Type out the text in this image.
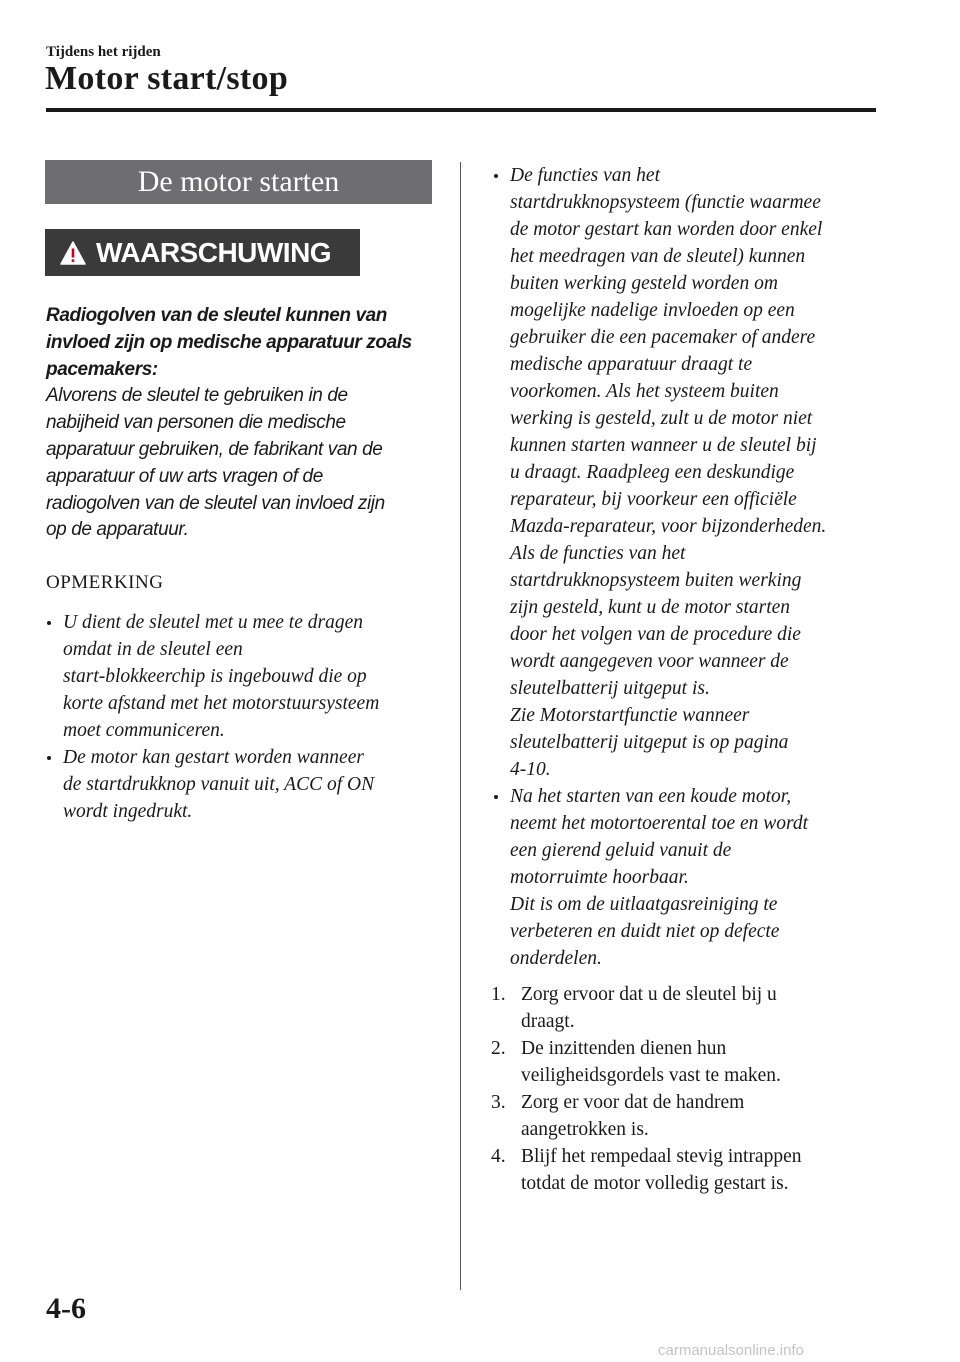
Tijdens het rijden
Motor start/stop
De motor starten
WAARSCHUWING
Radiogolven van de sleutel kunnen van
invloed zijn op medische apparatuur zoals
pacemakers:
Alvorens de sleutel te gebruiken in de
nabijheid van personen die medische
apparatuur gebruiken, de fabrikant van de
apparatuur of uw arts vragen of de
radiogolven van de sleutel van invloed zijn
op de apparatuur.
OPMERKING
U dient de sleutel met u mee te dragen
omdat in de sleutel een
start-blokkeerchip is ingebouwd die op
korte afstand met het motorstuursysteem
moet communiceren.
De motor kan gestart worden wanneer
de startdrukknop vanuit uit, ACC of ON
wordt ingedrukt.
De functies van het
startdrukknopsysteem (functie waarmee
de motor gestart kan worden door enkel
het meedragen van de sleutel) kunnen
buiten werking gesteld worden om
mogelijke nadelige invloeden op een
gebruiker die een pacemaker of andere
medische apparatuur draagt te
voorkomen. Als het systeem buiten
werking is gesteld, zult u de motor niet
kunnen starten wanneer u de sleutel bij
u draagt. Raadpleeg een deskundige
reparateur, bij voorkeur een officiële
Mazda-reparateur, voor bijzonderheden.
Als de functies van het
startdrukknopsysteem buiten werking
zijn gesteld, kunt u de motor starten
door het volgen van de procedure die
wordt aangegeven voor wanneer de
sleutelbatterij uitgeput is.
Zie Motorstartfunctie wanneer
sleutelbatterij uitgeput is op pagina
4-10.
Na het starten van een koude motor,
neemt het motortoerental toe en wordt
een gierend geluid vanuit de
motorruimte hoorbaar.
Dit is om de uitlaatgasreiniging te
verbeteren en duidt niet op defecte
onderdelen.
1. Zorg ervoor dat u de sleutel bij u
draagt.
2. De inzittenden dienen hun
veiligheidsgordels vast te maken.
3. Zorg er voor dat de handrem
aangetrokken is.
4. Blijf het rempedaal stevig intrappen
totdat de motor volledig gestart is.
4-6
carmanualsonline.info
